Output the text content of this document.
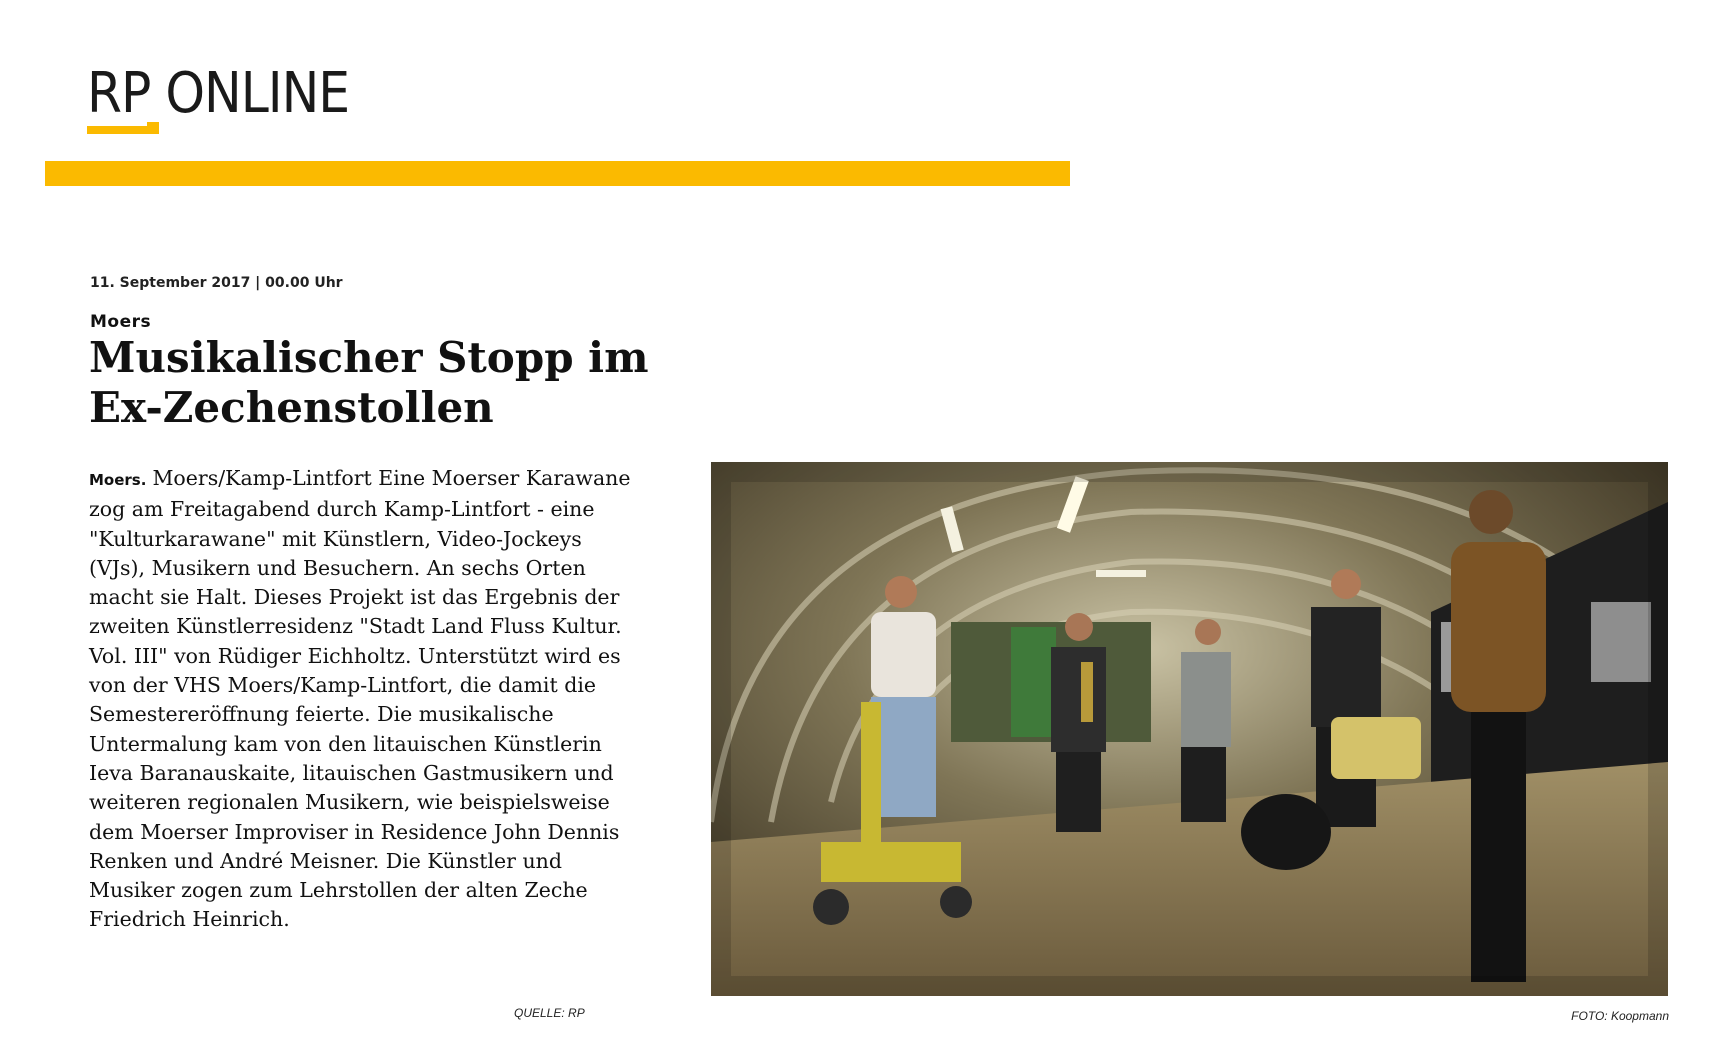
RP ONLINE
11. September 2017 | 00.00 Uhr
Moers
Musikalischer Stopp im Ex-Zechenstollen

Moers. Moers/Kamp-Lintfort Eine Moerser Karawane zog am Freitagabend durch Kamp-Lintfort - eine "Kulturkarawane" mit Künstlern, Video-Jockeys (VJs), Musikern und Besuchern. An sechs Orten macht sie Halt. Dieses Projekt ist das Ergebnis der zweiten Künstlerresidenz "Stadt Land Fluss Kultur. Vol. III" von Rüdiger Eichholtz. Unterstützt wird es von der VHS Moers/Kamp-Lintfort, die damit die Semestereröffnung feierte. Die musikalische Untermalung kam von den litauischen Künstlerin Ieva Baranauskaite, litauischen Gastmusikern und weiteren regionalen Musikern, wie beispielsweise dem Moerser Improviser in Residence John Dennis Renken und André Meisner. Die Künstler und Musiker zogen zum Lehrstollen der alten Zeche Friedrich Heinrich.

QUELLE: RP	FOTO: Koopmann
